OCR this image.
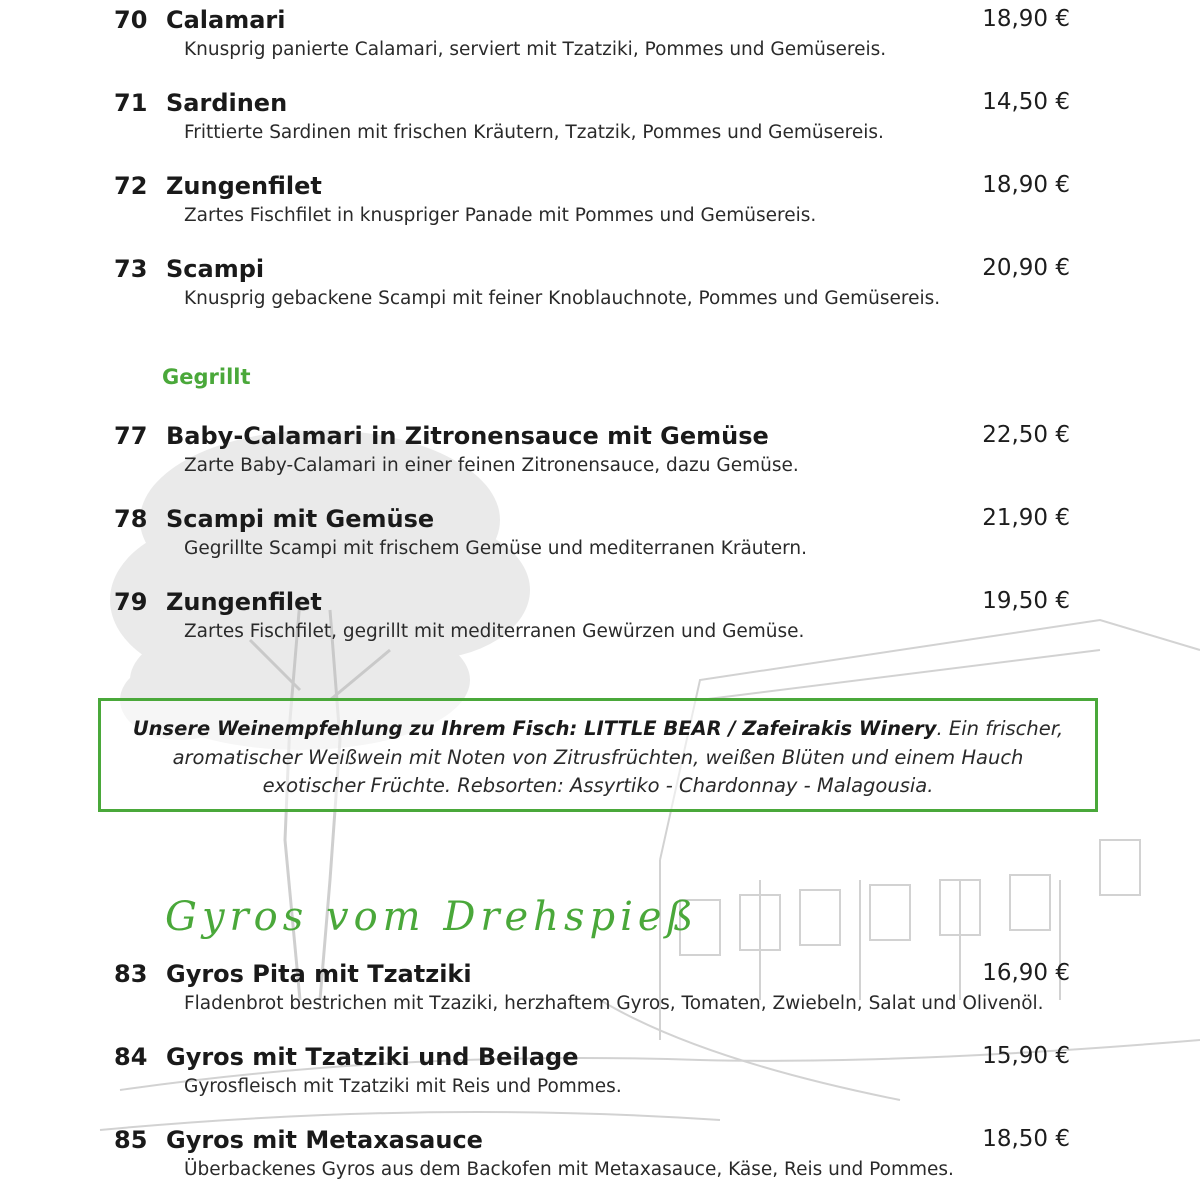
70 Calamari	18,90 €
Knusprig panierte Calamari, serviert mit Tzatziki, Pommes und Gemüsereis.
71 Sardinen	14,50 €
Frittierte Sardinen mit frischen Kräutern, Tzatzik, Pommes und Gemüsereis.
72 Zungenfilet	18,90 €
Zartes Fischfilet in knuspriger Panade mit Pommes und Gemüsereis.
73 Scampi	20,90 €
Knusprig gebackene Scampi mit feiner Knoblauchnote, Pommes und Gemüsereis.
Gegrillt
77 Baby-Calamari in Zitronensauce mit Gemüse	22,50 €
Zarte Baby-Calamari in einer feinen Zitronensauce, dazu Gemüse.
78 Scampi mit Gemüse	21,90 €
Gegrillte Scampi mit frischem Gemüse und mediterranen Kräutern.
79 Zungenfilet	19,50 €
Zartes Fischfilet, gegrillt mit mediterranen Gewürzen und Gemüse.
Unsere Weinempfehlung zu Ihrem Fisch: LITTLE BEAR / Zafeirakis Winery. Ein frischer, aromatischer Weißwein mit Noten von Zitrusfrüchten, weißen Blüten und einem Hauch exotischer Früchte. Rebsorten: Assyrtiko - Chardonnay - Malagousia.
Gyros vom Drehspieß
83 Gyros Pita mit Tzatziki	16,90 €
Fladenbrot bestrichen mit Tzaziki, herzhaftem Gyros, Tomaten, Zwiebeln, Salat und Olivenöl.
84 Gyros mit Tzatziki und Beilage	15,90 €
Gyrosfleisch mit Tzatziki mit Reis und Pommes.
85 Gyros mit Metaxasauce	18,50 €
Überbackenes Gyros aus dem Backofen mit Metaxasauce, Käse, Reis und Pommes.
